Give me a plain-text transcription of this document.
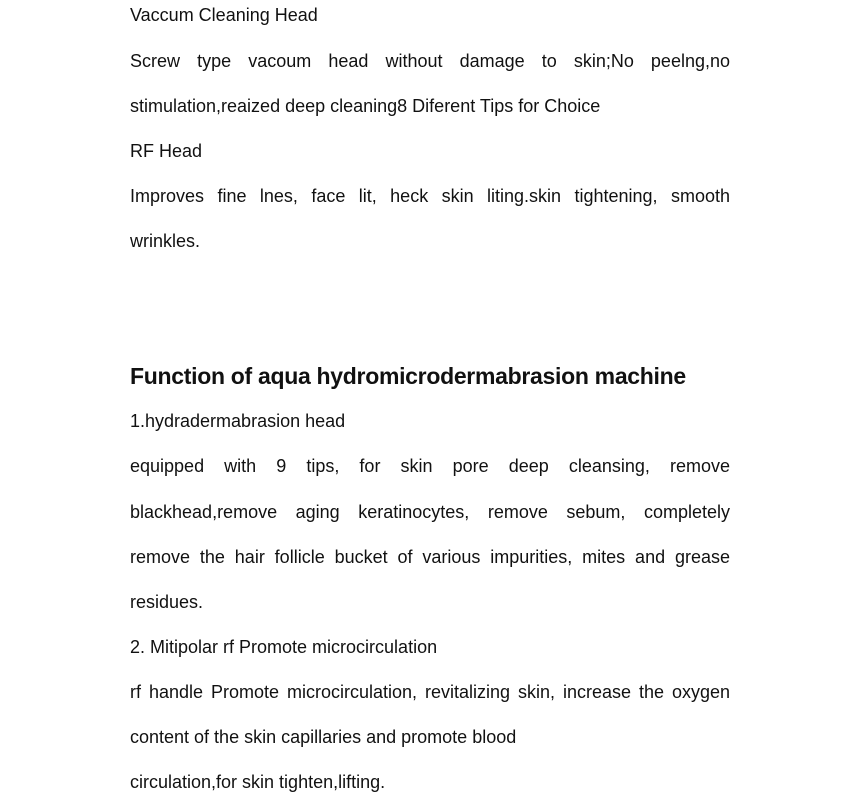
Vaccum Cleaning Head

Screw type vacoum head without damage to skin;No peelng,no

stimulation,reaized deep cleaning8 Diferent Tips for Choice

RF Head

Improves fine lnes, face lit, heck skin liting.skin tightening, smooth

wrinkles.

Function of aqua hydromicrodermabrasion machine

1.hydradermabrasion head

equipped with 9 tips, for skin pore deep cleansing, remove

blackhead,remove aging keratinocytes, remove sebum, completely

remove the hair follicle bucket of various impurities, mites and grease

residues.

2. Mitipolar rf Promote microcirculation

rf handle Promote microcirculation, revitalizing skin, increase the oxygen

content of the skin capillaries and promote blood

circulation,for skin tighten,lifting.
